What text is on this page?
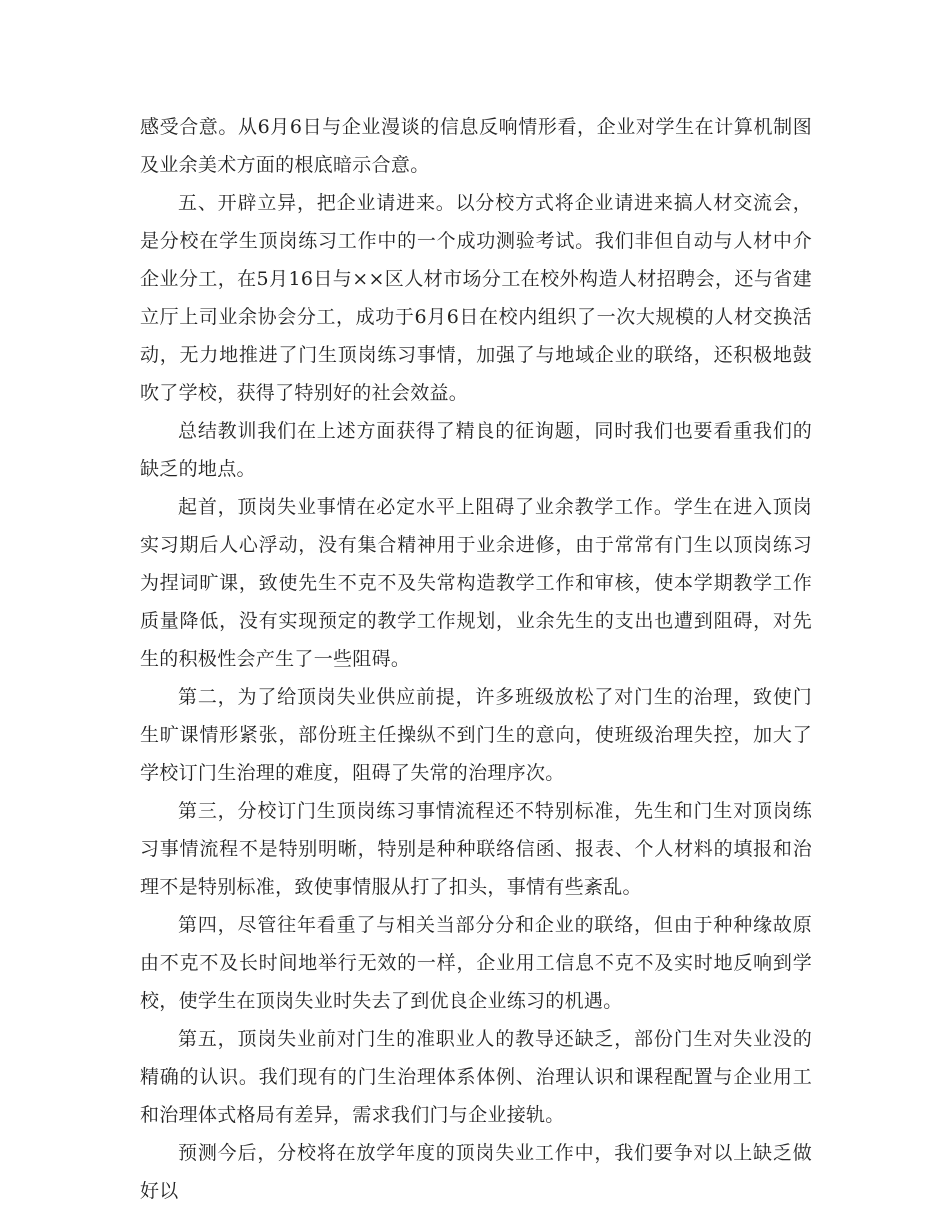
感受合意。从6月6日与企业漫谈的信息反响情形看，企业对学生在计算机制图及业余美术方面的根底暗示合意。

五、开辟立异，把企业请进来。以分校方式将企业请进来搞人材交流会，是分校在学生顶岗练习工作中的一个成功测验考试。我们非但自动与人材中介企业分工，在5月16日与××区人材市场分工在校外构造人材招聘会，还与省建立厅上司业余协会分工，成功于6月6日在校内组织了一次大规模的人材交换活动，无力地推进了门生顶岗练习事情，加强了与地域企业的联络，还积极地鼓吹了学校，获得了特别好的社会效益。

总结教训我们在上述方面获得了精良的征询题，同时我们也要看重我们的缺乏的地点。

起首，顶岗失业事情在必定水平上阻碍了业余教学工作。学生在进入顶岗实习期后人心浮动，没有集合精神用于业余进修，由于常常有门生以顶岗练习为捏词旷课，致使先生不克不及失常构造教学工作和审核，使本学期教学工作质量降低，没有实现预定的教学工作规划，业余先生的支出也遭到阻碍，对先生的积极性会产生了一些阻碍。

第二，为了给顶岗失业供应前提，许多班级放松了对门生的治理，致使门生旷课情形紧张，部份班主任操纵不到门生的意向，使班级治理失控，加大了学校订门生治理的难度，阻碍了失常的治理序次。

第三，分校订门生顶岗练习事情流程还不特别标准，先生和门生对顶岗练习事情流程不是特别明晰，特别是种种联络信函、报表、个人材料的填报和治理不是特别标准，致使事情服从打了扣头，事情有些紊乱。

第四，尽管往年看重了与相关当部分分和企业的联络，但由于种种缘故原由不克不及长时间地举行无效的一样，企业用工信息不克不及实时地反响到学校，使学生在顶岗失业时失去了到优良企业练习的机遇。

第五，顶岗失业前对门生的准职业人的教导还缺乏，部份门生对失业没的精确的认识。我们现有的门生治理体系体例、治理认识和课程配置与企业用工和治理体式格局有差异，需求我们门与企业接轨。

预测今后，分校将在放学年度的顶岗失业工作中，我们要争对以上缺乏做好以
